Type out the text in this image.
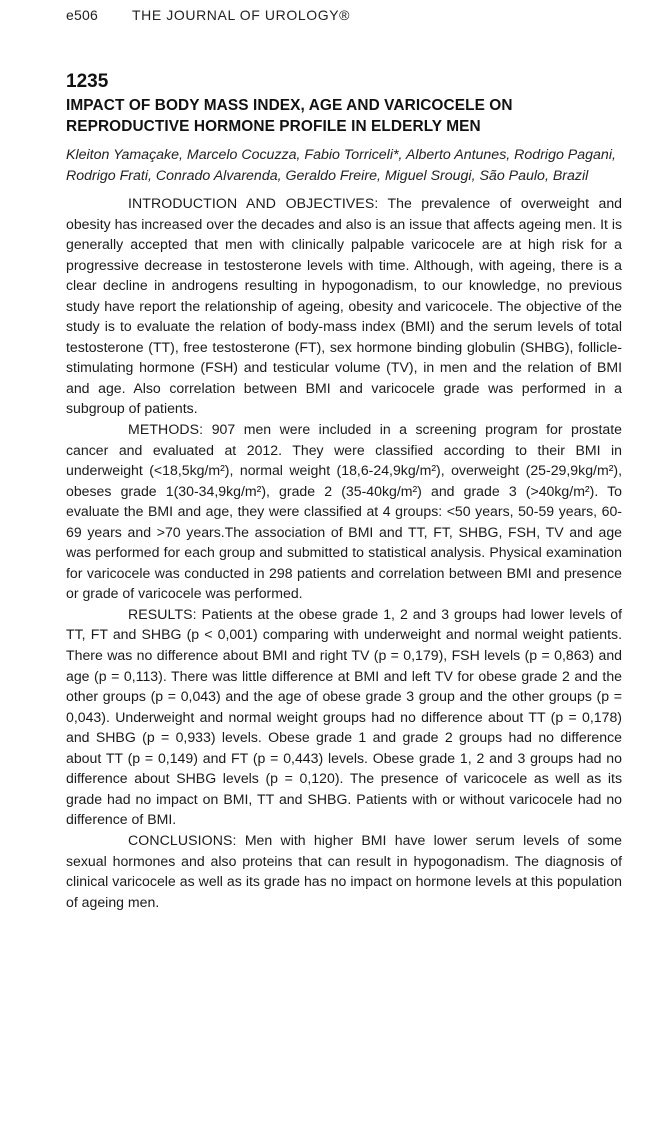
e506 THE JOURNAL OF UROLOGY®
1235
IMPACT OF BODY MASS INDEX, AGE AND VARICOCELE ON REPRODUCTIVE HORMONE PROFILE IN ELDERLY MEN
Kleiton Yamaçake, Marcelo Cocuzza, Fabio Torriceli*, Alberto Antunes, Rodrigo Pagani, Rodrigo Frati, Conrado Alvarenda, Geraldo Freire, Miguel Srougi, São Paulo, Brazil

INTRODUCTION AND OBJECTIVES: The prevalence of overweight and obesity has increased over the decades and also is an issue that affects ageing men. It is generally accepted that men with clinically palpable varicocele are at high risk for a progressive decrease in testosterone levels with time. Although, with ageing, there is a clear decline in androgens resulting in hypogonadism, to our knowledge, no previous study have report the relationship of ageing, obesity and varicocele. The objective of the study is to evaluate the relation of body-mass index (BMI) and the serum levels of total testosterone (TT), free testosterone (FT), sex hormone binding globulin (SHBG), follicle-stimulating hormone (FSH) and testicular volume (TV), in men and the relation of BMI and age. Also correlation between BMI and varicocele grade was performed in a subgroup of patients.

METHODS: 907 men were included in a screening program for prostate cancer and evaluated at 2012. They were classified according to their BMI in underweight (<18,5kg/m²), normal weight (18,6-24,9kg/m²), overweight (25-29,9kg/m²), obeses grade 1(30-34,9kg/m²), grade 2 (35-40kg/m²) and grade 3 (>40kg/m²). To evaluate the BMI and age, they were classified at 4 groups: <50 years, 50-59 years, 60-69 years and >70 years.The association of BMI and TT, FT, SHBG, FSH, TV and age was performed for each group and submitted to statistical analysis. Physical examination for varicocele was conducted in 298 patients and correlation between BMI and presence or grade of varicocele was performed.

RESULTS: Patients at the obese grade 1, 2 and 3 groups had lower levels of TT, FT and SHBG (p < 0,001) comparing with underweight and normal weight patients. There was no difference about BMI and right TV (p = 0,179), FSH levels (p = 0,863) and age (p = 0,113). There was little difference at BMI and left TV for obese grade 2 and the other groups (p = 0,043) and the age of obese grade 3 group and the other groups (p = 0,043). Underweight and normal weight groups had no difference about TT (p = 0,178) and SHBG (p = 0,933) levels. Obese grade 1 and grade 2 groups had no difference about TT (p = 0,149) and FT (p = 0,443) levels. Obese grade 1, 2 and 3 groups had no difference about SHBG levels (p = 0,120). The presence of varicocele as well as its grade had no impact on BMI, TT and SHBG. Patients with or without varicocele had no difference of BMI.

CONCLUSIONS: Men with higher BMI have lower serum levels of some sexual hormones and also proteins that can result in hypogonadism. The diagnosis of clinical varicocele as well as its grade has no impact on hormone levels at this population of ageing men.
